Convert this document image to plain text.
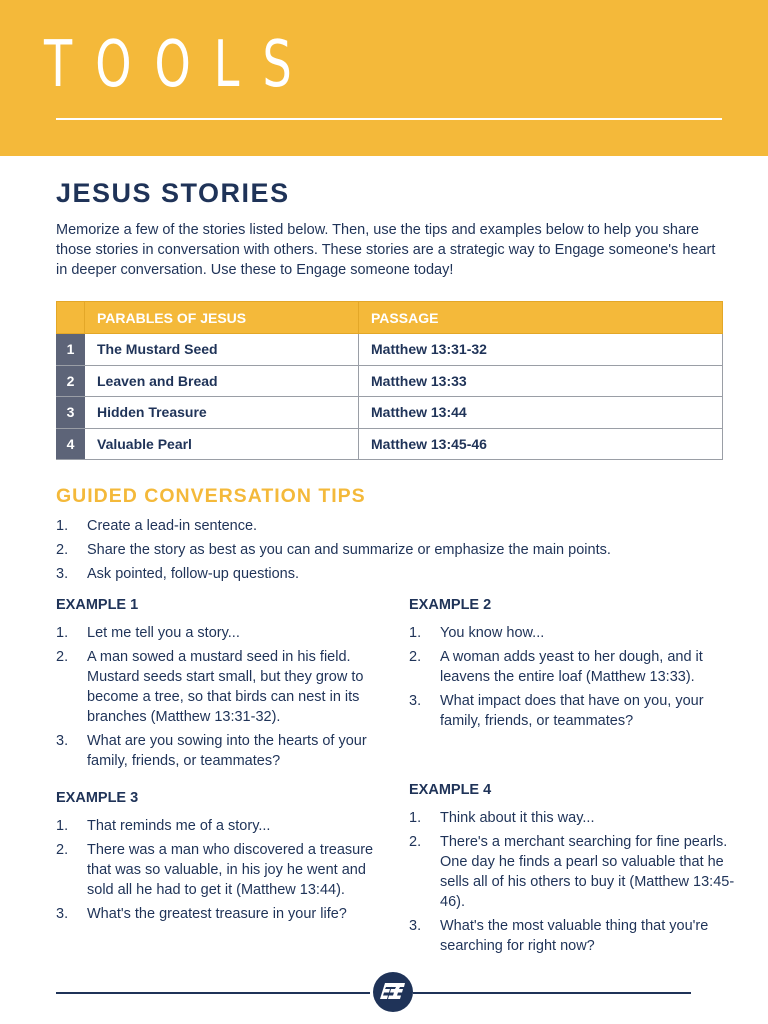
TOOLS
JESUS STORIES

Memorize a few of the stories listed below. Then, use the tips and examples below to help you share those stories in conversation with others. These stories are a strategic way to Engage someone's heart in deeper conversation. Use these to Engage someone today!

	PARABLES OF JESUS	PASSAGE
1	The Mustard Seed	Matthew 13:31-32
2	Leaven and Bread	Matthew 13:33
3	Hidden Treasure	Matthew 13:44
4	Valuable Pearl	Matthew 13:45-46
GUIDED CONVERSATION TIPS
1. Create a lead-in sentence.
2. Share the story as best as you can and summarize or emphasize the main points.
3. Ask pointed, follow-up questions.
EXAMPLE 1
1. Let me tell you a story...
2. A man sowed a mustard seed in his field. Mustard seeds start small, but they grow to become a tree, so that birds can nest in its branches (Matthew 13:31-32).
3. What are you sowing into the hearts of your family, friends, or teammates?
EXAMPLE 2
1. You know how...
2. A woman adds yeast to her dough, and it leavens the entire loaf (Matthew 13:33).
3. What impact does that have on you, your family, friends, or teammates?
EXAMPLE 3
1. That reminds me of a story...
2. There was a man who discovered a treasure that was so valuable, in his joy he went and sold all he had to get it (Matthew 13:44).
3. What's the greatest treasure in your life?
EXAMPLE 4
1. Think about it this way...
2. There's a merchant searching for fine pearls. One day he finds a pearl so valuable that he sells all of his others to buy it (Matthew 13:45-46).
3. What's the most valuable thing that you're searching for right now?
